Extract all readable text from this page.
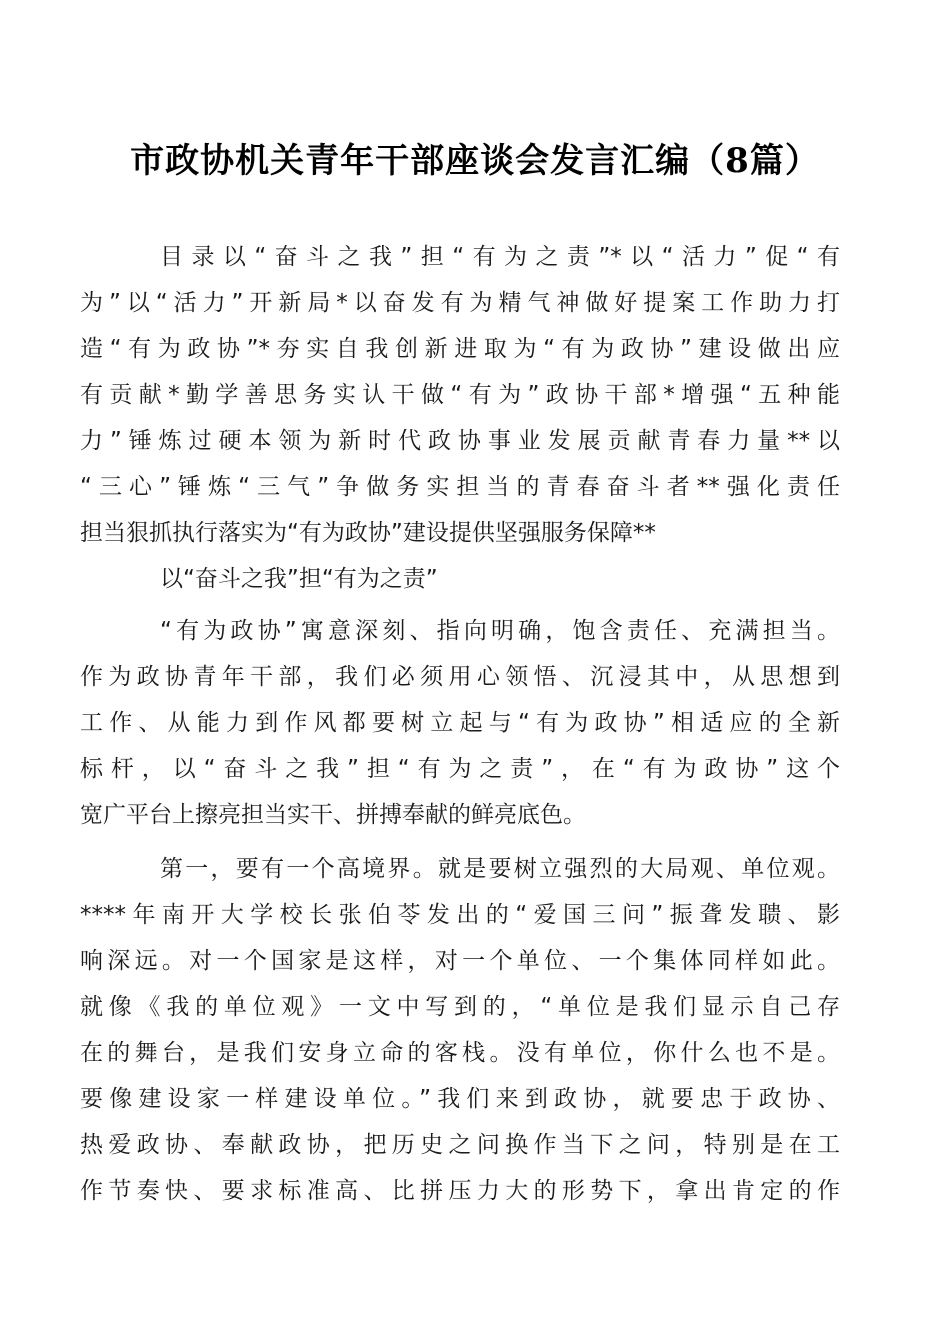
市政协机关青年干部座谈会发言汇编（8篇）
目录以“奋斗之我”担“有为之责”*以“活力”促“有
为”以“活力”开新局*以奋发有为精气神做好提案工作助力打
造“有为政协”*夯实自我创新进取为“有为政协”建设做出应
有贡献*勤学善思务实认干做“有为”政协干部*增强“五种能
力”锤炼过硬本领为新时代政协事业发展贡献青春力量**以
“三心”锤炼“三气”争做务实担当的青春奋斗者**强化责任
担当狠抓执行落实为“有为政协”建设提供坚强服务保障**
以“奋斗之我”担“有为之责”
“有为政协”寓意深刻、指向明确，饱含责任、充满担当。
作为政协青年干部，我们必须用心领悟、沉浸其中，从思想到
工作、从能力到作风都要树立起与“有为政协”相适应的全新
标杆，以“奋斗之我”担“有为之责”，在“有为政协”这个
宽广平台上擦亮担当实干、拼搏奉献的鲜亮底色。
第一，要有一个高境界。就是要树立强烈的大局观、单位观。
****年南开大学校长张伯苓发出的“爱国三问”振聋发聩、影
响深远。对一个国家是这样，对一个单位、一个集体同样如此。
就像《我的单位观》一文中写到的，“单位是我们显示自己存
在的舞台，是我们安身立命的客栈。没有单位，你什么也不是。
要像建设家一样建设单位。”我们来到政协，就要忠于政协、
热爱政协、奉献政协，把历史之问换作当下之问，特别是在工
作节奏快、要求标准高、比拼压力大的形势下，拿出肯定的作
